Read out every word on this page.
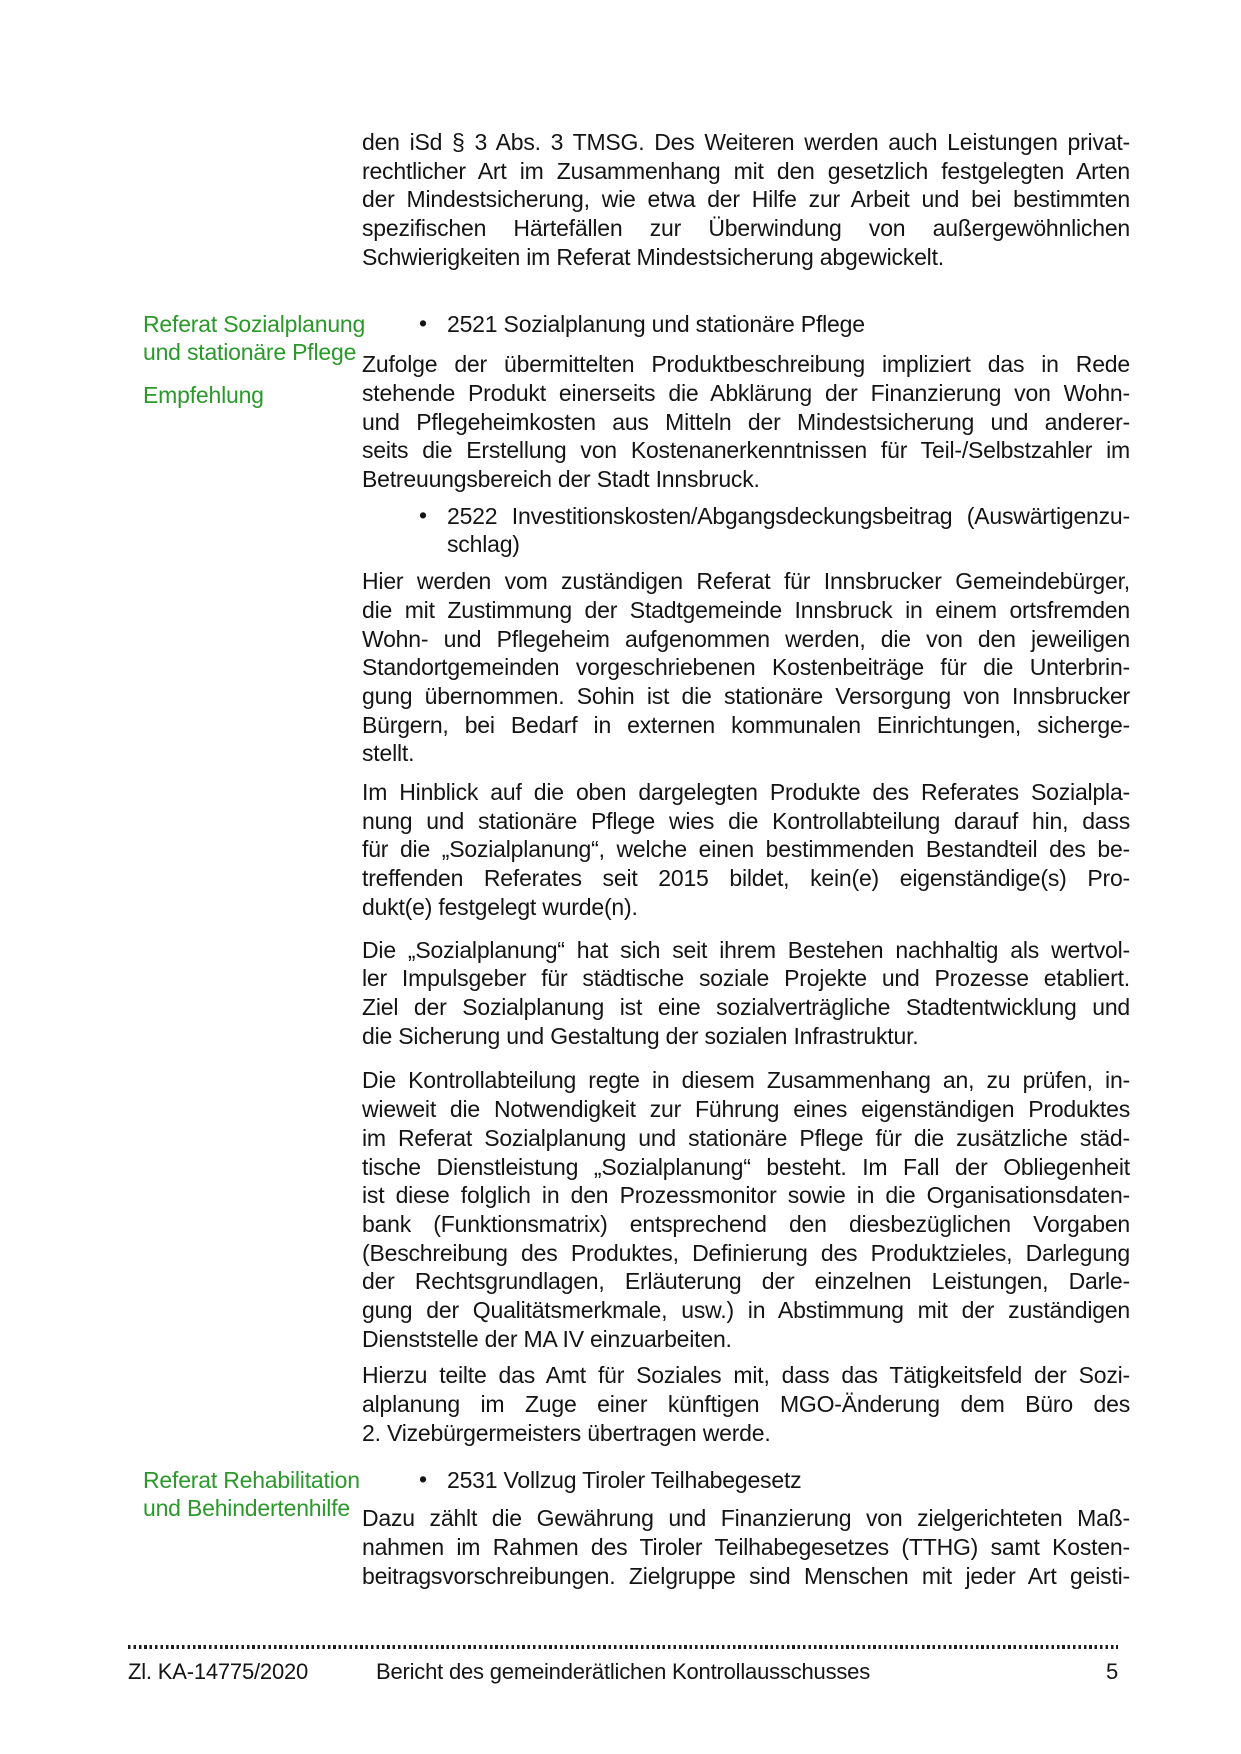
den iSd § 3 Abs. 3 TMSG. Des Weiteren werden auch Leistungen privat-
rechtlicher Art im Zusammenhang mit den gesetzlich festgelegten Arten
der Mindestsicherung, wie etwa der Hilfe zur Arbeit und bei bestimmten
spezifischen Härtefällen zur Überwindung von außergewöhnlichen
Schwierigkeiten im Referat Mindestsicherung abgewickelt.
Referat Sozialplanung
und stationäre Pflege
Empfehlung
• 2521 Sozialplanung und stationäre Pflege
Zufolge der übermittelten Produktbeschreibung impliziert das in Rede
stehende Produkt einerseits die Abklärung der Finanzierung von Wohn-
und Pflegeheimkosten aus Mitteln der Mindestsicherung und anderer-
seits die Erstellung von Kostenanerkenntnissen für Teil-/Selbstzahler im
Betreuungsbereich der Stadt Innsbruck.
• 2522 Investitionskosten/Abgangsdeckungsbeitrag (Auswärtigenzu-
schlag)
Hier werden vom zuständigen Referat für Innsbrucker Gemeindebürger,
die mit Zustimmung der Stadtgemeinde Innsbruck in einem ortsfremden
Wohn- und Pflegeheim aufgenommen werden, die von den jeweiligen
Standortgemeinden vorgeschriebenen Kostenbeiträge für die Unterbrin-
gung übernommen. Sohin ist die stationäre Versorgung von Innsbrucker
Bürgern, bei Bedarf in externen kommunalen Einrichtungen, sicherge-
stellt.
Im Hinblick auf die oben dargelegten Produkte des Referates Sozialpla-
nung und stationäre Pflege wies die Kontrollabteilung darauf hin, dass
für die „Sozialplanung“, welche einen bestimmenden Bestandteil des be-
treffenden Referates seit 2015 bildet, kein(e) eigenständige(s) Pro-
dukt(e) festgelegt wurde(n).
Die „Sozialplanung“ hat sich seit ihrem Bestehen nachhaltig als wertvol-
ler Impulsgeber für städtische soziale Projekte und Prozesse etabliert.
Ziel der Sozialplanung ist eine sozialverträgliche Stadtentwicklung und
die Sicherung und Gestaltung der sozialen Infrastruktur.
Die Kontrollabteilung regte in diesem Zusammenhang an, zu prüfen, in-
wieweit die Notwendigkeit zur Führung eines eigenständigen Produktes
im Referat Sozialplanung und stationäre Pflege für die zusätzliche städ-
tische Dienstleistung „Sozialplanung“ besteht. Im Fall der Obliegenheit
ist diese folglich in den Prozessmonitor sowie in die Organisationsdaten-
bank (Funktionsmatrix) entsprechend den diesbezüglichen Vorgaben
(Beschreibung des Produktes, Definierung des Produktzieles, Darlegung
der Rechtsgrundlagen, Erläuterung der einzelnen Leistungen, Darle-
gung der Qualitätsmerkmale, usw.) in Abstimmung mit der zuständigen
Dienststelle der MA IV einzuarbeiten.
Hierzu teilte das Amt für Soziales mit, dass das Tätigkeitsfeld der Sozi-
alplanung im Zuge einer künftigen MGO-Änderung dem Büro des
2. Vizebürgermeisters übertragen werde.
Referat Rehabilitation
und Behindertenhilfe
• 2531 Vollzug Tiroler Teilhabegesetz
Dazu zählt die Gewährung und Finanzierung von zielgerichteten Maß-
nahmen im Rahmen des Tiroler Teilhabegesetzes (TTHG) samt Kosten-
beitragsvorschreibungen. Zielgruppe sind Menschen mit jeder Art geisti-
Zl. KA-14775/2020	Bericht des gemeinderätlichen Kontrollausschusses	5
